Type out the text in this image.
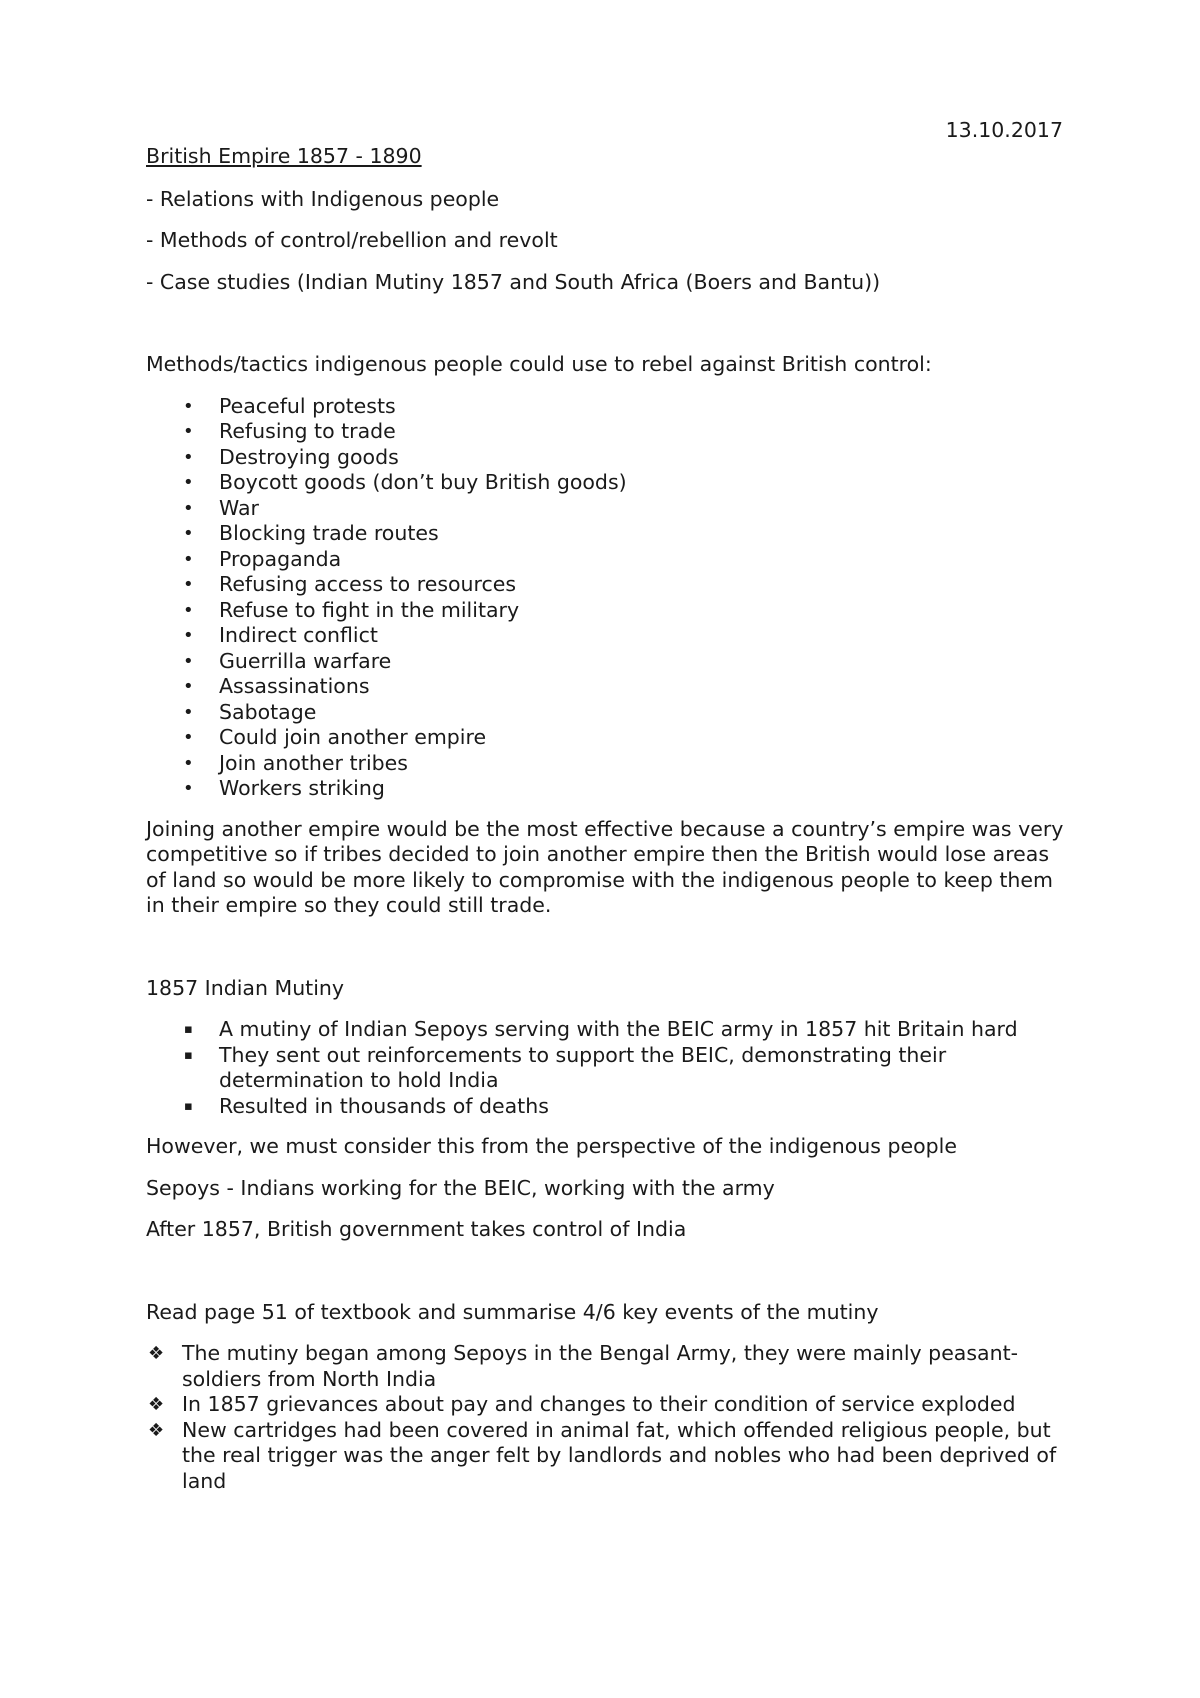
13.10.2017
British Empire 1857 - 1890
- Relations with Indigenous people
- Methods of control/rebellion and revolt
- Case studies (Indian Mutiny 1857 and South Africa (Boers and Bantu))
Methods/tactics indigenous people could use to rebel against British control:
• Peaceful protests
• Refusing to trade
• Destroying goods
• Boycott goods (don’t buy British goods)
• War
• Blocking trade routes
• Propaganda
• Refusing access to resources
• Refuse to fight in the military
• Indirect conflict
• Guerrilla warfare
• Assassinations
• Sabotage
• Could join another empire
• Join another tribes
• Workers striking
Joining another empire would be the most effective because a country’s empire was very competitive so if tribes decided to join another empire then the British would lose areas of land so would be more likely to compromise with the indigenous people to keep them in their empire so they could still trade.
1857 Indian Mutiny
▪ A mutiny of Indian Sepoys serving with the BEIC army in 1857 hit Britain hard
▪ They sent out reinforcements to support the BEIC, demonstrating their determination to hold India
▪ Resulted in thousands of deaths
However, we must consider this from the perspective of the indigenous people
Sepoys - Indians working for the BEIC, working with the army
After 1857, British government takes control of India
Read page 51 of textbook and summarise 4/6 key events of the mutiny
❖ The mutiny began among Sepoys in the Bengal Army, they were mainly peasant-soldiers from North India
❖ In 1857 grievances about pay and changes to their condition of service exploded
❖ New cartridges had been covered in animal fat, which offended religious people, but the real trigger was the anger felt by landlords and nobles who had been deprived of land
